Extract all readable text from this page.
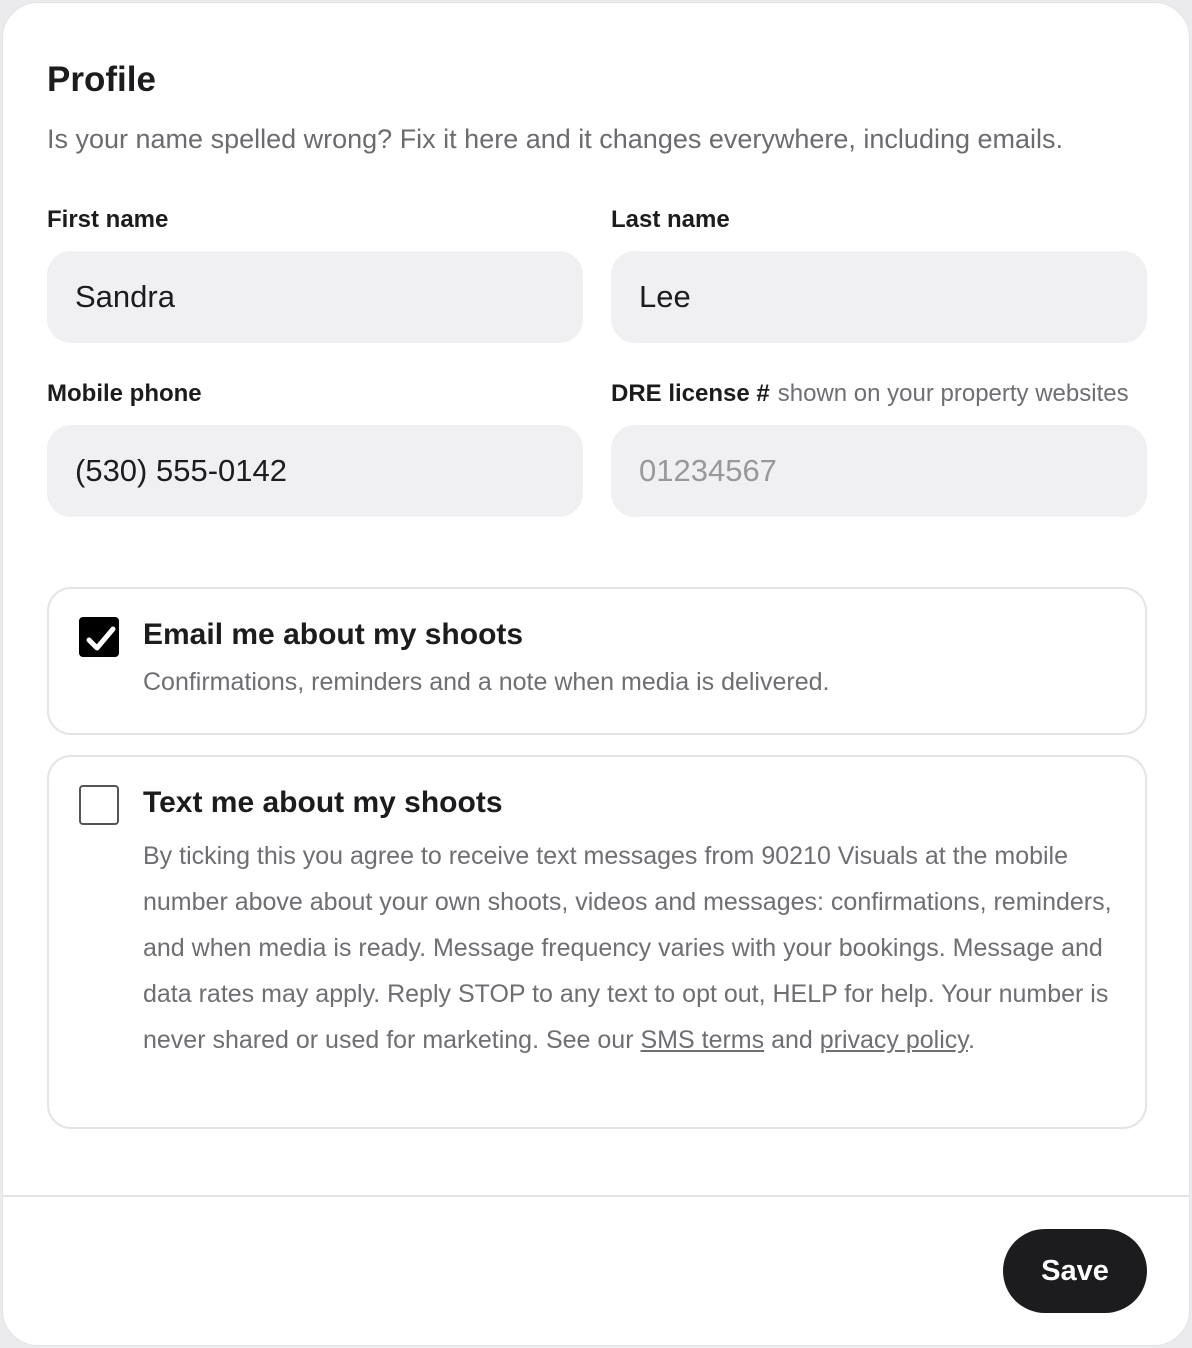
Profile

Is your name spelled wrong? Fix it here and it changes everywhere, including emails.

First name
Sandra	Last name
Lee
Mobile phone
(530) 555-0142	DRE license # shown on your property websites
01234567
Email me about my shoots
Confirmations, reminders and a note when media is delivered.
Text me about my shoots
By ticking this you agree to receive text messages from 90210 Visuals at the mobile number above about your own shoots, videos and messages: confirmations, reminders, and when media is ready. Message frequency varies with your bookings. Message and data rates may apply. Reply STOP to any text to opt out, HELP for help. Your number is never shared or used for marketing. See our SMS terms and privacy policy.
Save
